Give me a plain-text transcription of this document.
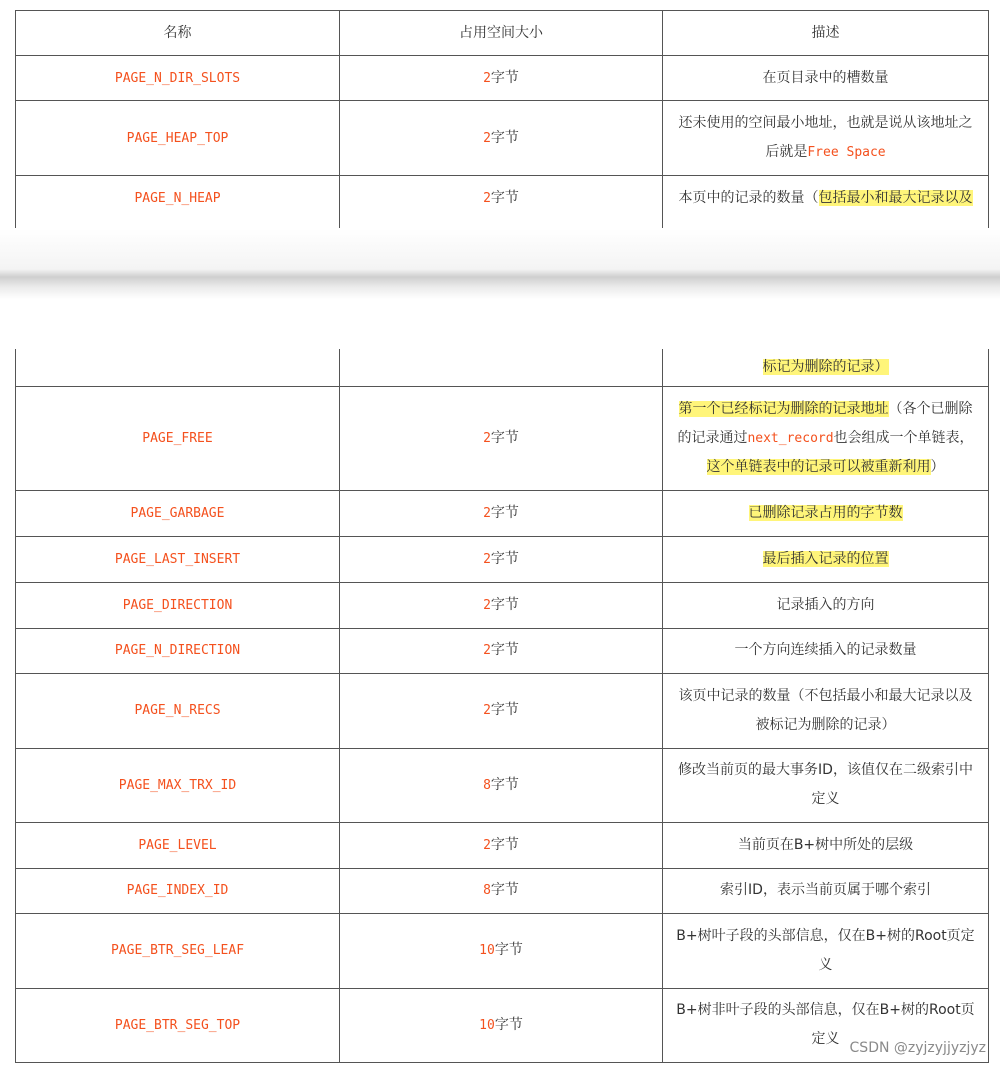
名称	占用空间大小	描述
PAGE_N_DIR_SLOTS	2字节	在页目录中的槽数量
PAGE_HEAP_TOP	2字节	还未使用的空间最小地址，也就是说从该地址之
后就是Free Space
PAGE_N_HEAP	2字节	本页中的记录的数量（包括最小和最大记录以及
		标记为删除的记录）
PAGE_FREE	2字节	第一个已经标记为删除的记录地址（各个已删除
的记录通过next_record也会组成一个单链表，
这个单链表中的记录可以被重新利用）
PAGE_GARBAGE	2字节	已删除记录占用的字节数
PAGE_LAST_INSERT	2字节	最后插入记录的位置
PAGE_DIRECTION	2字节	记录插入的方向
PAGE_N_DIRECTION	2字节	一个方向连续插入的记录数量
PAGE_N_RECS	2字节	该页中记录的数量（不包括最小和最大记录以及
被标记为删除的记录）
PAGE_MAX_TRX_ID	8字节	修改当前页的最大事务ID，该值仅在二级索引中
定义
PAGE_LEVEL	2字节	当前页在B+树中所处的层级
PAGE_INDEX_ID	8字节	索引ID，表示当前页属于哪个索引
PAGE_BTR_SEG_LEAF	10字节	B+树叶子段的头部信息，仅在B+树的Root页定
义
PAGE_BTR_SEG_TOP	10字节	B+树非叶子段的头部信息，仅在B+树的Root页
定义
CSDN @zyjzyjjyzjyz
